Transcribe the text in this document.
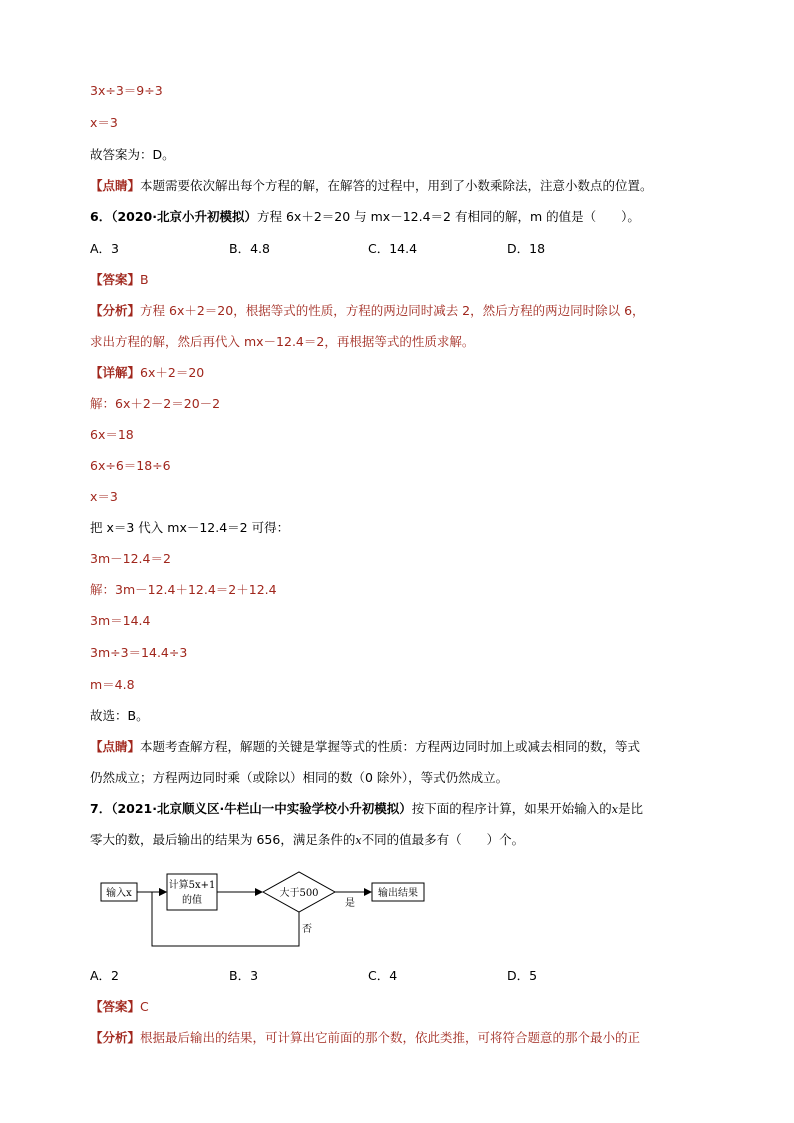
3x÷3＝9÷3
x＝3
故答案为：D。
【点睛】本题需要依次解出每个方程的解，在解答的过程中，用到了小数乘除法，注意小数点的位置。
6．（2020·北京小升初模拟）方程 6x＋2＝20 与 mx－12.4＝2 有相同的解，m 的值是（　　）。
A．3	B．4.8	C．14.4	D．18
【答案】B
【分析】方程 6x＋2＝20，根据等式的性质，方程的两边同时减去 2，然后方程的两边同时除以 6，
求出方程的解，然后再代入 mx－12.4＝2，再根据等式的性质求解。
【详解】6x＋2＝20
解：6x＋2－2＝20－2
6x＝18
6x÷6＝18÷6
x＝3
把 x＝3 代入 mx－12.4＝2 可得：
3m－12.4＝2
解：3m－12.4＋12.4＝2＋12.4
3m＝14.4
3m÷3＝14.4÷3
m＝4.8
故选：B。
【点睛】本题考查解方程，解题的关键是掌握等式的性质：方程两边同时加上或减去相同的数，等式
仍然成立；方程两边同时乘（或除以）相同的数（0 除外），等式仍然成立。
7．（2021·北京顺义区·牛栏山一中实验学校小升初模拟）按下面的程序计算，如果开始输入的x是比
零大的数，最后输出的结果为 656，满足条件的x不同的值最多有（　　）个。
输入x
计算5x+1
的值
大于500
是
输出结果
否
A．2	B．3	C．4	D．5
【答案】C
【分析】根据最后输出的结果，可计算出它前面的那个数，依此类推，可将符合题意的那个最小的正
